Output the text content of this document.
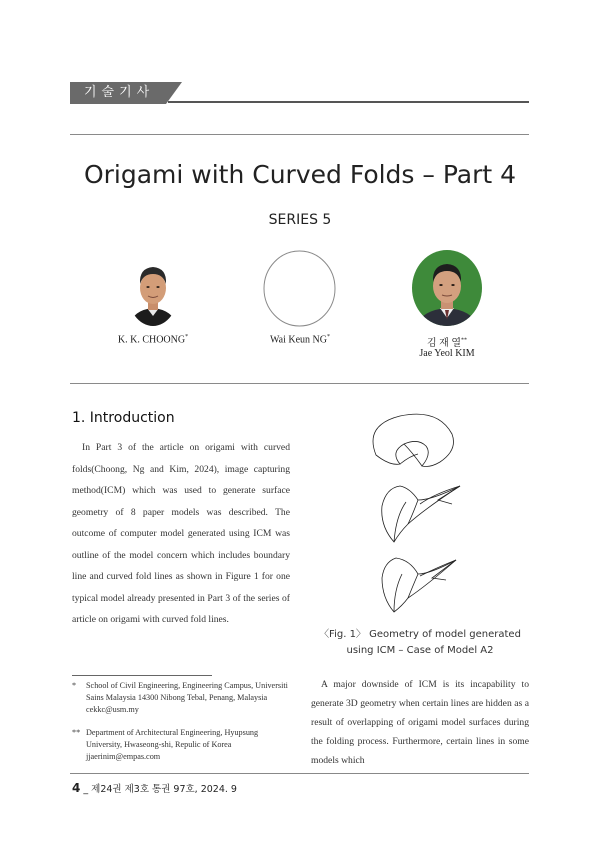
기술기사
Origami with Curved Folds – Part 4
SERIES 5
K. K. CHOONG*	Wai Keun NG*
김 재 열**
Jae Yeol KIM
1. Introduction
In Part 3 of the article on origami with curved folds(Choong, Ng and Kim, 2024), image capturing method(ICM) which was used to generate surface geometry of 8 paper models was described. The outcome of computer model generated using ICM was outline of the model concern which includes boundary line and curved fold lines as shown in Figure 1 for one typical model already presented in Part 3 of the series of article on origami with curved fold lines.
〈Fig. 1〉 Geometry of model generated
using ICM – Case of Model A2
* School of Civil Engineering, Engineering Campus, Universiti Sains Malaysia 14300 Nibong Tebal, Penang, Malaysia
cekkc@usm.my
** Department of Architectural Engineering, Hyupsung University, Hwaseong-shi, Repulic of Korea
jjaerinim@empas.com
A major downside of ICM is its incapability to generate 3D geometry when certain lines are hidden as a result of overlapping of origami model surfaces during the folding process. Furthermore, certain lines in some models which
4 _ 제24권 제3호 통권 97호, 2024. 9
